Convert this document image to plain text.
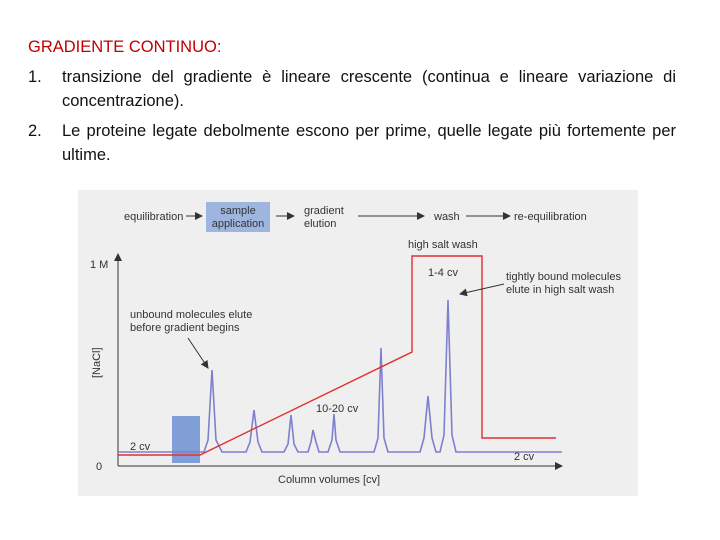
GRADIENTE CONTINUO:
1.	transizione del gradiente è lineare crescente (continua e lineare variazione di concentrazione).
2.	Le proteine legate debolmente escono per prime, quelle legate più fortemente per ultime.
equilibration	sample
application
gradient
elution
wash	re-equilibration
1 M
0
[NaCl]
Column volumes [cv]
high salt wash
1-4 cv	tightly bound molecules
elute in high salt wash
unbound molecules elute
before gradient begins
10-20 cv
2 cv
2 cv
